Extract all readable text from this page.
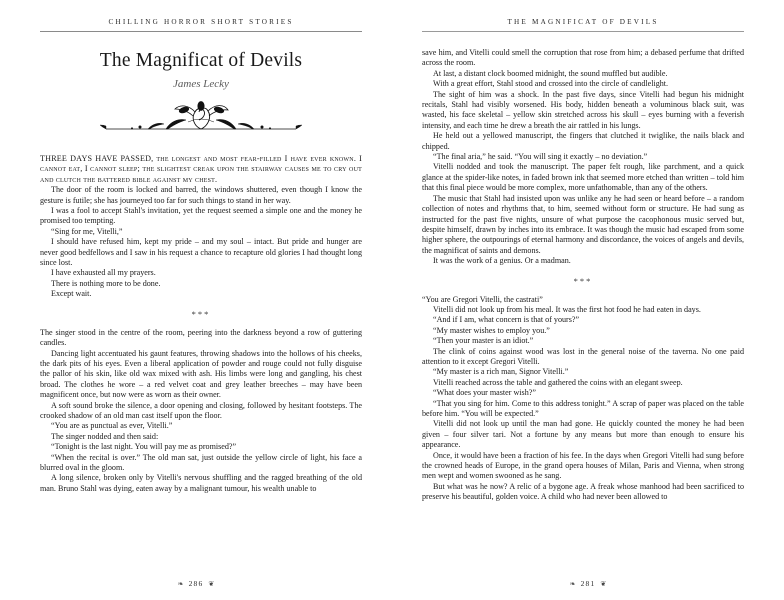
CHILLING HORROR SHORT STORIES
The Magnificat of Devils
James Lecky

THREE DAYS HAVE PASSED, the longest and most fear-filled I have ever known. I cannot eat, I cannot sleep; the slightest creak upon the stairway causes me to cry out and clutch the battered bible against my chest.

The door of the room is locked and barred, the windows shuttered, even though I know the gesture is futile; she has journeyed too far for such things to stand in her way.

I was a fool to accept Stahl's invitation, yet the request seemed a simple one and the money he promised too tempting.

“Sing for me, Vitelli,”

I should have refused him, kept my pride – and my soul – intact. But pride and hunger are never good bedfellows and I saw in his request a chance to recapture old glories I had thought long since lost.

I have exhausted all my prayers.

There is nothing more to be done.

Except wait.

***

The singer stood in the centre of the room, peering into the darkness beyond a row of guttering candles.

Dancing light accentuated his gaunt features, throwing shadows into the hollows of his cheeks, the dark pits of his eyes. Even a liberal application of powder and rouge could not fully disguise the pallor of his skin, like old wax mixed with ash. His limbs were long and gangling, his chest broad. The clothes he wore – a red velvet coat and grey leather breeches – may have been magnificent once, but now were as worn as their owner.

A soft sound broke the silence, a door opening and closing, followed by hesitant footsteps. The crooked shadow of an old man cast itself upon the floor.

“You are as punctual as ever, Vitelli.”

The singer nodded and then said:

“Tonight is the last night. You will pay me as promised?”

“When the recital is over.” The old man sat, just outside the yellow circle of light, his face a blurred oval in the gloom.

A long silence, broken only by Vitelli's nervous shuffling and the ragged breathing of the old man. Bruno Stahl was dying, eaten away by a malignant tumour, his wealth unable to

❧ 286 ❦
THE MAGNIFICAT OF DEVILS

save him, and Vitelli could smell the corruption that rose from him; a debased perfume that drifted across the room.

At last, a distant clock boomed midnight, the sound muffled but audible.

With a great effort, Stahl stood and crossed into the circle of candlelight.

The sight of him was a shock. In the past five days, since Vitelli had begun his midnight recitals, Stahl had visibly worsened. His body, hidden beneath a voluminous black suit, was wasted, his face skeletal – yellow skin stretched across his skull – eyes burning with a feverish intensity, and each time he drew a breath the air rattled in his lungs.

He held out a yellowed manuscript, the fingers that clutched it twiglike, the nails black and chipped.

“The final aria,” he said. “You will sing it exactly – no deviation.”

Vitelli nodded and took the manuscript. The paper felt rough, like parchment, and a quick glance at the spider-like notes, in faded brown ink that seemed more etched than written – told him that this final piece would be more complex, more unfathomable, than any of the others.

The music that Stahl had insisted upon was unlike any he had seen or heard before – a random collection of notes and rhythms that, to him, seemed without form or structure. He had sung as instructed for the past five nights, unsure of what purpose the cacophonous music served but, despite himself, drawn by inches into its embrace. It was though the music had escaped from some higher sphere, the outpourings of eternal harmony and discordance, the voices of angels and devils, the magnificat of saints and demons.

It was the work of a genius. Or a madman.

***

“You are Gregori Vitelli, the castrati”

Vitelli did not look up from his meal. It was the first hot food he had eaten in days.

“And if I am, what concern is that of yours?”

“My master wishes to employ you.”

“Then your master is an idiot.”

The clink of coins against wood was lost in the general noise of the taverna. No one paid attention to it except Gregori Vitelli.

“My master is a rich man, Signor Vitelli.”

Vitelli reached across the table and gathered the coins with an elegant sweep.

“What does your master wish?”

“That you sing for him. Come to this address tonight.” A scrap of paper was placed on the table before him. “You will be expected.”

Vitelli did not look up until the man had gone. He quickly counted the money he had been given – four silver tari. Not a fortune by any means but more than enough to ensure his appearance.

Once, it would have been a fraction of his fee. In the days when Gregori Vitelli had sung before the crowned heads of Europe, in the grand opera houses of Milan, Paris and Vienna, when strong men wept and women swooned as he sang.

But what was he now? A relic of a bygone age. A freak whose manhood had been sacrificed to preserve his beautiful, golden voice. A child who had never been allowed to

❧ 281 ❦
